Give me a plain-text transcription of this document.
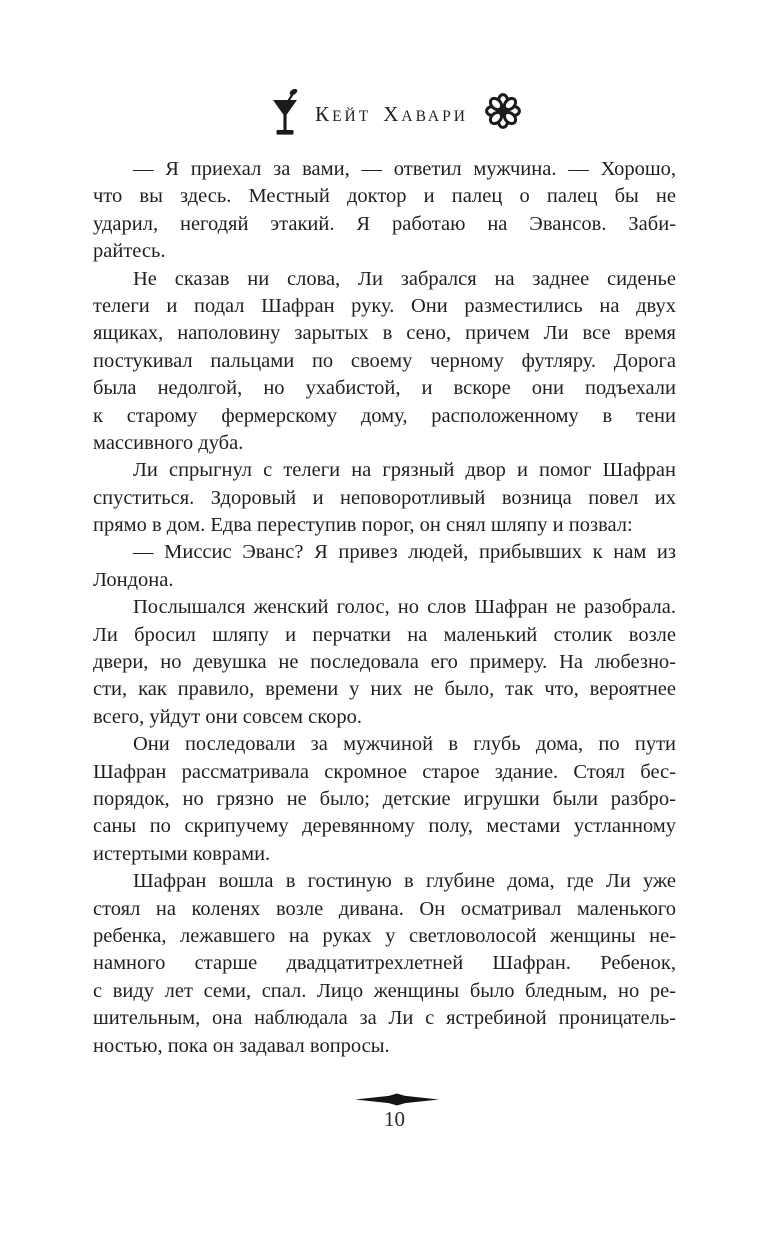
КЕЙТ ХАВАРИ
— Я приехал за вами, — ответил мужчина. — Хорошо,
что вы здесь. Местный доктор и палец о палец бы не
ударил, негодяй этакий. Я работаю на Эвансов. Заби-
райтесь.
Не сказав ни слова, Ли забрался на заднее сиденье
телеги и подал Шафран руку. Они разместились на двух
ящиках, наполовину зарытых в сено, причем Ли все время
постукивал пальцами по своему черному футляру. Дорога
была недолгой, но ухабистой, и вскоре они подъехали
к старому фермерскому дому, расположенному в тени
массивного дуба.
Ли спрыгнул с телеги на грязный двор и помог Шафран
спуститься. Здоровый и неповоротливый возница повел их
прямо в дом. Едва переступив порог, он снял шляпу и позвал:
— Миссис Эванс? Я привез людей, прибывших к нам из
Лондона.
Послышался женский голос, но слов Шафран не разобрала.
Ли бросил шляпу и перчатки на маленький столик возле
двери, но девушка не последовала его примеру. На любезно-
сти, как правило, времени у них не было, так что, вероятнее
всего, уйдут они совсем скоро.
Они последовали за мужчиной в глубь дома, по пути
Шафран рассматривала скромное старое здание. Стоял бес-
порядок, но грязно не было; детские игрушки были разбро-
саны по скрипучему деревянному полу, местами устланному
истертыми коврами.
Шафран вошла в гостиную в глубине дома, где Ли уже
стоял на коленях возле дивана. Он осматривал маленького
ребенка, лежавшего на руках у светловолосой женщины не-
намного старше двадцатитрехлетней Шафран. Ребенок,
с виду лет семи, спал. Лицо женщины было бледным, но ре-
шительным, она наблюдала за Ли с ястребиной проницатель-
ностью, пока он задавал вопросы.
10
